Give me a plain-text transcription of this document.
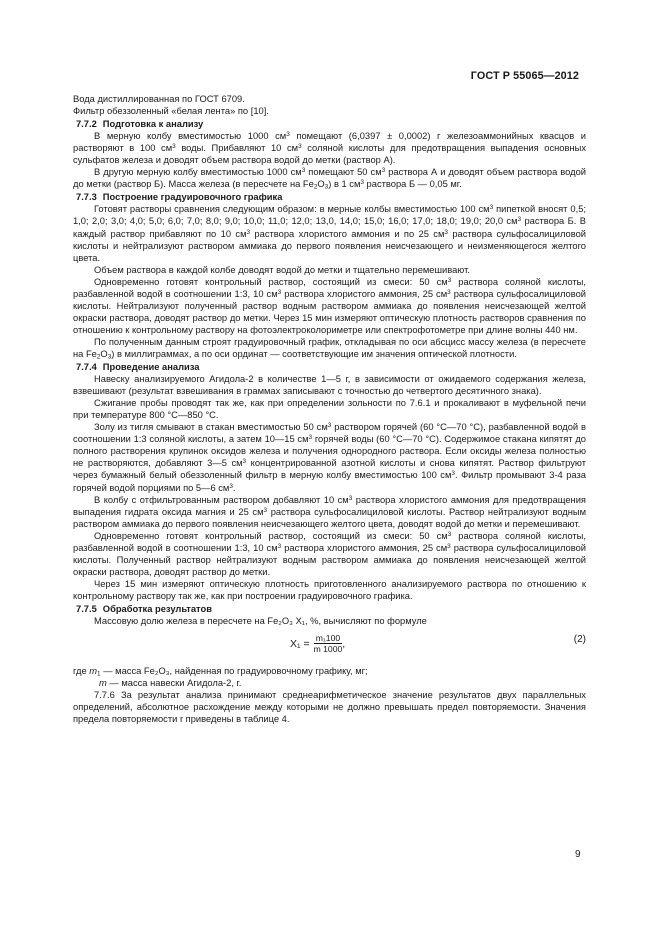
ГОСТ Р 55065—2012
Вода дистиллированная по ГОСТ 6709.
Фильтр обеззоленный «белая лента» по [10].

7.7.2 Подготовка к анализу

В мерную колбу вместимостью 1000 $см^3$ помещают (6,0397 ± 0,0002) г железоаммонийных квасцов и растворяют в 100 $см^3$ воды. Прибавляют 10 $см^3$ соляной кислоты для предотвращения выпадения основных сульфатов железа и доводят объем раствора водой до метки (раствор А).

В другую мерную колбу вместимостью 1000 $см^3$ помещают 50 $см^3$ раствора А и доводят объем раствора водой до метки (раствор Б). Масса железа (в пересчете на $Fe_2O_3$) в 1 $см^3$ раствора Б — 0,05 мг.

7.7.3 Построение градуировочного графика

Готовят растворы сравнения следующим образом: в мерные колбы вместимостью 100 $см^3$ пипеткой вносят 0,5; 1,0; 2,0; 3,0; 4,0; 5,0; 6,0; 7,0; 8,0; 9,0; 10,0; 11,0; 12,0; 13,0, 14,0; 15,0; 16,0; 17,0; 18,0; 19,0; 20,0 $см^3$ раствора Б. В каждый раствор прибавляют по 10 $см^3$ раствора хлористого аммония и по 25 $см^3$ раствора сульфосалициловой кислоты и нейтрализуют раствором аммиака до первого появления неисчезающего и неизменяющегося желтого цвета.

Объем раствора в каждой колбе доводят водой до метки и тщательно перемешивают.

Одновременно готовят контрольный раствор, состоящий из смеси: 50 $см^3$ раствора соляной кислоты, разбавленной водой в соотношении 1:3, 10 $см^3$ раствора хлористого аммония, 25 $см^3$ раствора сульфосалициловой кислоты. Нейтрализуют полученный раствор водным раствором аммиака до появления неисчезающей желтой окраски раствора, доводят раствор до метки. Через 15 мин измеряют оптическую плотность растворов сравнения по отношению к контрольному раствору на фотоэлектроколориметре или спектрофотометре при длине волны 440 нм.

По полученным данным строят градуировочный график, откладывая по оси абсцисс массу железа (в пересчете на $Fe_2O_3$) в миллиграммах, а по оси ординат — соответствующие им значения оптической плотности.

7.7.4 Проведение анализа

Навеску анализируемого Агидола-2 в количестве 1—5 г, в зависимости от ожидаемого содержания железа, взвешивают (результат взвешивания в граммах записывают с точностью до четвертого десятичного знака).

Сжигание пробы проводят так же, как при определении зольности по 7.6.1 и прокаливают в муфельной печи при температуре 800 °С—850 °С.

Золу из тигля смывают в стакан вместимостью 50 $см^3$ раствором горячей (60 °С—70 °С), разбавленной водой в соотношении 1:3 соляной кислоты, а затем 10—15 $см^3$ горячей воды (60 °С—70 °С). Содержимое стакана кипятят до полного растворения крупинок оксидов железа и получения однородного раствора. Если оксиды железа полностью не растворяются, добавляют 3—5 $см^3$ концентрированной азотной кислоты и снова кипятят. Раствор фильтруют через бумажный белый обеззоленный фильтр в мерную колбу вместимостью 100 $см^3$. Фильтр промывают 3-4 раза горячей водой порциями по 5—6 $см^3$.

В колбу с отфильтрованным раствором добавляют 10 $см^3$ раствора хлористого аммония для предотвращения выпадения гидрата оксида магния и 25 $см^3$ раствора сульфосалициловой кислоты. Раствор нейтрализуют водным раствором аммиака до первого появления неисчезающего желтого цвета, доводят водой до метки и перемешивают.

Одновременно готовят контрольный раствор, состоящий из смеси: 50 $см^3$ раствора соляной кислоты, разбавленной водой в соотношении 1:3, 10 $см^3$ раствора хлористого аммония, 25 $см^3$ раствора сульфосалициловой кислоты. Полученный раствор нейтрализуют водным раствором аммиака до появления неисчезающей желтой окраски раствора, доводят раствор до метки.

Через 15 мин измеряют оптическую плотность приготовленного анализируемого раствора по отношению к контрольному раствору так же, как при построении градуировочного графика.

7.7.5 Обработка результатов

Массовую долю железа в пересчете на Fe₂O₃ X₁, %, вычисляют по формуле

$X_1 = \frac{\text{m₁100}}{m 1000}$ ,	(2)

где $m_1$ — масса Fe₂O₃, найденная по градуировочному графику, мг;

m — масса навески Агидола-2, г.

7.7.6 За результат анализа принимают среднеарифметическое значение результатов двух параллельных определений, абсолютное расхождение между которыми не должно превышать предел повторяемости. Значения предела повторяемости r приведены в таблице 4.

9
